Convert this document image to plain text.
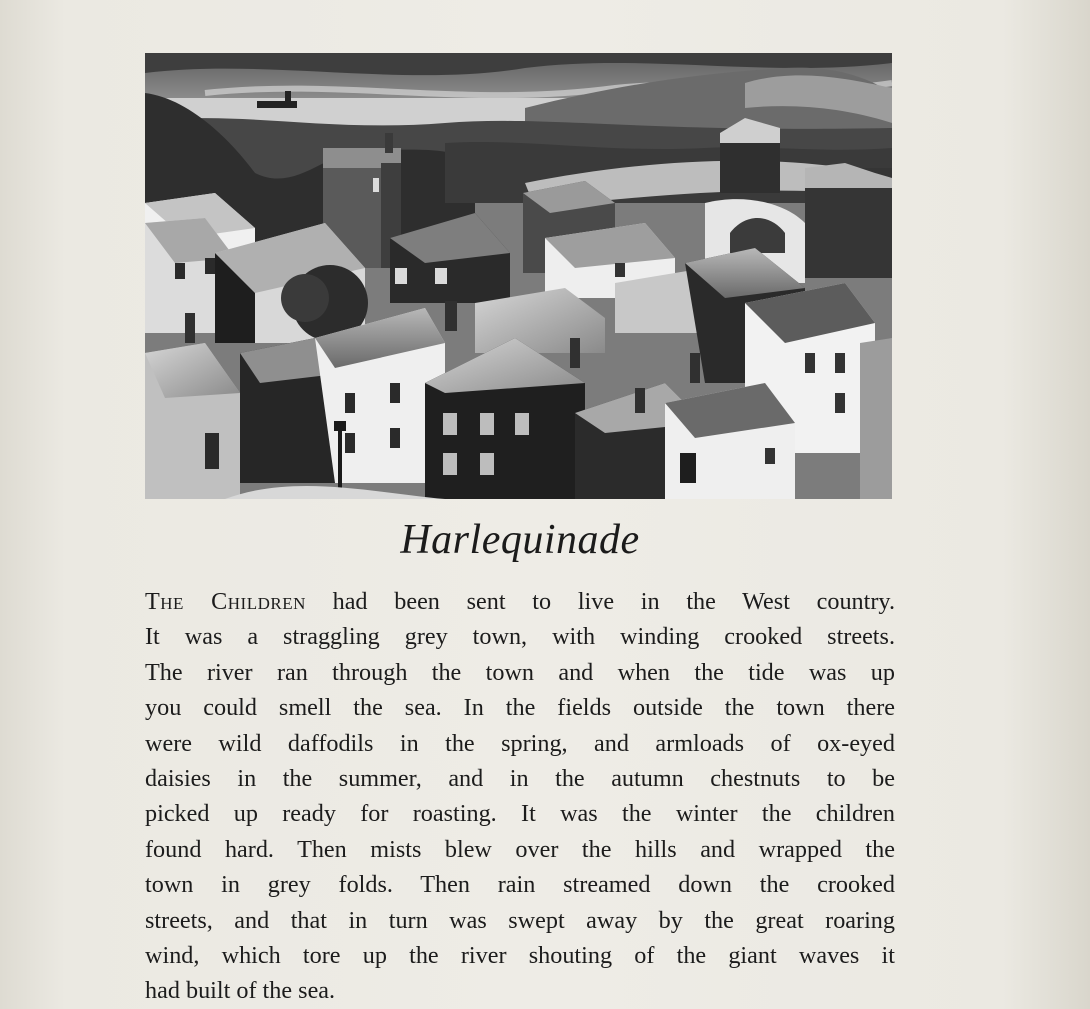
Harlequinade
The Children had been sent to live in the West country.
It was a straggling grey town, with winding crooked streets.
The river ran through the town and when the tide was up
you could smell the sea. In the fields outside the town there
were wild daffodils in the spring, and armloads of ox-eyed
daisies in the summer, and in the autumn chestnuts to be
picked up ready for roasting. It was the winter the children
found hard. Then mists blew over the hills and wrapped the
town in grey folds. Then rain streamed down the crooked
streets, and that in turn was swept away by the great roaring
wind, which tore up the river shouting of the giant waves it
had built of the sea.
